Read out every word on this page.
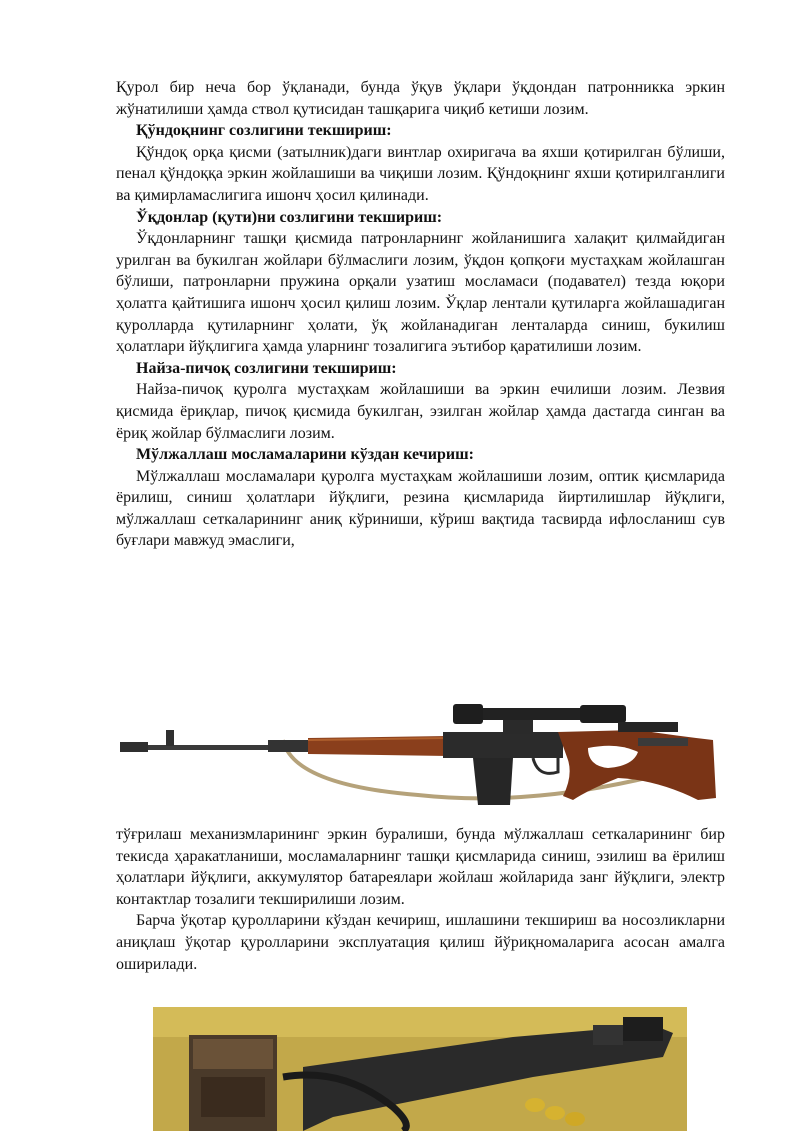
Қурол бир неча бор ўқланади, бунда ўқув ўқлари ўқдондан патронникка эркин жўнатилиши ҳамда ствол қутисидан ташқарига чиқиб кетиши лозим.

Қўндоқнинг созлигини текшириш:

Қўндоқ орқа қисми (затылник)даги винтлар охиригача ва яхши қотирилган бўлиши, пенал қўндоққа эркин жойлашиши ва чиқиши лозим. Қўндоқнинг яхши қотирилганлиги ва қимирламаслигига ишонч ҳосил қилинади.

Ўқдонлар (қути)ни созлигини текшириш:

Ўқдонларнинг ташқи қисмида патронларнинг жойланишига халақит қилмайдиган урилган ва букилган жойлари бўлмаслиги лозим, ўқдон қопқоғи мустаҳкам жойлашган бўлиши, патронларни пружина орқали узатиш мосламаси (подавател) тезда юқори ҳолатга қайтишига ишонч ҳосил қилиш лозим. Ўқлар лентали қутиларга жойлашадиган қуролларда қутиларнинг ҳолати, ўқ жойланадиган ленталарда синиш, букилиш ҳолатлари йўқлигига ҳамда уларнинг тозалигига эътибор қаратилиши лозим.

Найза-пичоқ созлигини текшириш:

Найза-пичоқ қуролга мустаҳкам жойлашиши ва эркин ечилиши лозим. Лезвия қисмида ёриқлар, пичоқ қисмида букилган, эзилган жойлар ҳамда дастагда синган ва ёриқ жойлар бўлмаслиги лозим.

Мўлжаллаш мосламаларини кўздан кечириш:

Мўлжаллаш мосламалари қуролга мустаҳкам жойлашиши лозим, оптик қисмларида ёрилиш, синиш ҳолатлари йўқлиги, резина қисмларида йиртилишлар йўқлиги, мўлжаллаш сеткаларининг аниқ кўриниши, кўриш вақтида тасвирда ифлосланиш сув буғлари мавжуд эмаслиги,

тўғрилаш механизмларининг эркин буралиши, бунда мўлжаллаш сеткаларининг бир текисда ҳаракатланиши, мосламаларнинг ташқи қисмларида синиш, эзилиш ва ёрилиш ҳолатлари йўқлиги, аккумулятор батареялари жойлаш жойларида занг йўқлиги, электр контактлар тозалиги текширилиши лозим.

Барча ўқотар қуролларини кўздан кечириш, ишлашини текшириш ва носозликларни аниқлаш ўқотар қуролларини эксплуатация қилиш йўриқномаларига асосан амалга оширилади.
